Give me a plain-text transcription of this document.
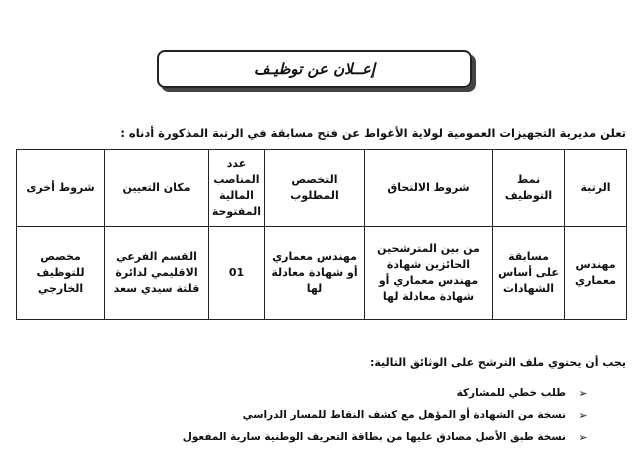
إعــلان عن توظيـف
تعلن مديرية التجهيزات العمومية لولاية الأغواط عن فتح مسابقة في الرتبة المذكورة أدناه :
الرتبة	نمط التوظيف	شروط الالتحاق	التخصص المطلوب	عدد المناصب المالية المفتوحة	مكان التعيين	شروط أخرى
مهندس معماري	مسابقة على أساس الشهادات	من بين المترشحين الحائزين شهادة مهندس معماري أو شهادة معادلة لها	مهندس معماري أو شهادة معادلة لها	01	القسم الفرعي الاقليمي لدائرة قلتة سيدي سعد	مخصص للتوظيف الخارجي
يجب أن يحتوي ملف الترشح على الوثائق التالية:
➢
طلب خطي للمشاركة
➢
نسخة من الشهادة أو المؤهل مع كشف النقاط للمسار الدراسي
➢
نسخة طبق الأصل مصادق عليها من بطاقة التعريف الوطنية سارية المفعول
